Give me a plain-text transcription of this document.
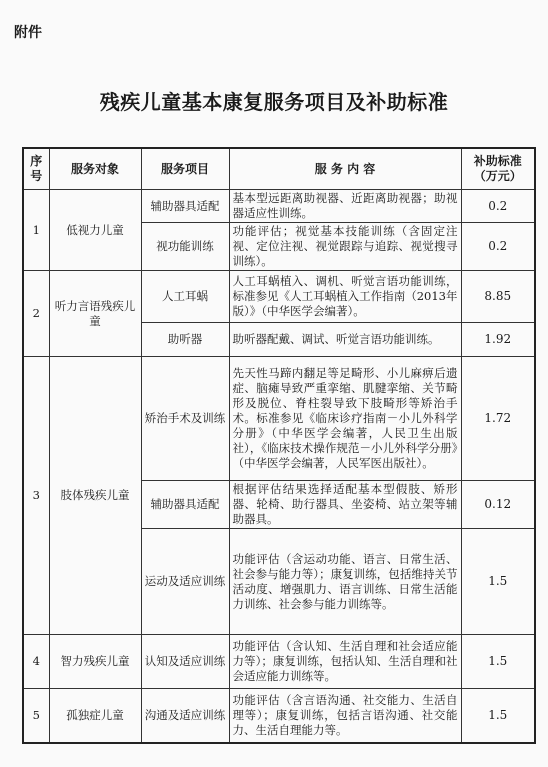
附件
残疾儿童基本康复服务项目及补助标准
序号	服务对象	服务项目	服 务 内 容	补助标准（万元）
1	低视力儿童	辅助器具适配	基本型远距离助视器、近距离助视器；助视器适应性训练。	0.2
		视功能训练	功能评估；视觉基本技能训练（含固定注视、定位注视、视觉跟踪与追踪、视觉搜寻训练）。	0.2
2	听力言语残疾儿童	人工耳蜗	人工耳蜗植入、调机、听觉言语功能训练，标准参见《人工耳蜗植入工作指南（2013年版）》（中华医学会编著）。	8.85
		助听器	助听器配戴、调试、听觉言语功能训练。	1.92
3	肢体残疾儿童	矫治手术及训练	先天性马蹄内翻足等足畸形、小儿麻痹后遗症、脑瘫导致严重挛缩、肌腱挛缩、关节畸形及脱位、脊柱裂导致下肢畸形等矫治手术。标准参见《临床诊疗指南－小儿外科学分册》（中华医学会编著，人民卫生出版社），《临床技术操作规范－小儿外科学分册》（中华医学会编著，人民军医出版社）。	1.72
		辅助器具适配	根据评估结果选择适配基本型假肢、矫形器、轮椅、助行器具、坐姿椅、站立架等辅助器具。	0.12
		运动及适应训练	功能评估（含运动功能、语言、日常生活、社会参与能力等）；康复训练，包括维持关节活动度、增强肌力、语言训练、日常生活能力训练、社会参与能力训练等。	1.5
4	智力残疾儿童	认知及适应训练	功能评估（含认知、生活自理和社会适应能力等）；康复训练，包括认知、生活自理和社会适应能力训练等。	1.5
5	孤独症儿童	沟通及适应训练	功能评估（含言语沟通、社交能力、生活自理等）；康复训练，包括言语沟通、社交能力、生活自理能力等。	1.5
